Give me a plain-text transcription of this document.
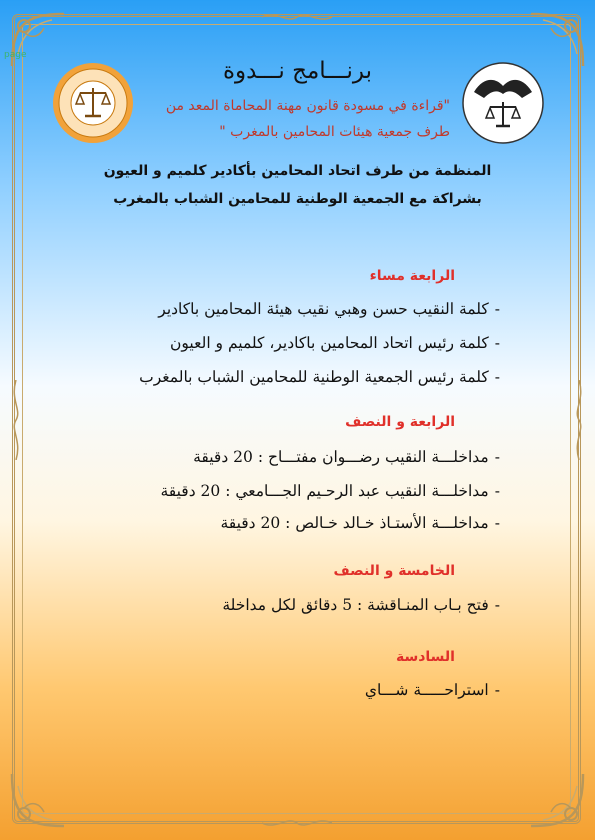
page
برنـــامج نـــدوة
"قراءة في مسودة قانون مهنة المحاماة المعد من
طرف جمعية هيئات المحامين بالمغرب "
المنظمة من طرف اتحاد المحامين بأكادير كلميم و العيون
بشراكة مع الجمعية الوطنية للمحامين الشباب بالمغرب
الرابعة مساء
-كلمة النقيب حسن وهبي نقيب هيئة المحامين باكادير
-كلمة رئيس اتحاد المحامين باكادير، كلميم و العيون
-كلمة رئيس الجمعية الوطنية للمحامين الشباب بالمغرب
الرابعة و النصف
-مداخلـــة النقيب رضـــوان مفتـــاح : 20 دقيقة
-مداخلـــة النقيب عبد الرحـيم الجـــامعي : 20 دقيقة
-مداخلـــة الأستـاذ خـالد خـالص : 20 دقيقة
الخامسة و النصف
-فتح بـاب المنـاقشة : 5 دقائق لكل مداخلة
السادسة
-استراحـــــة شـــاي
